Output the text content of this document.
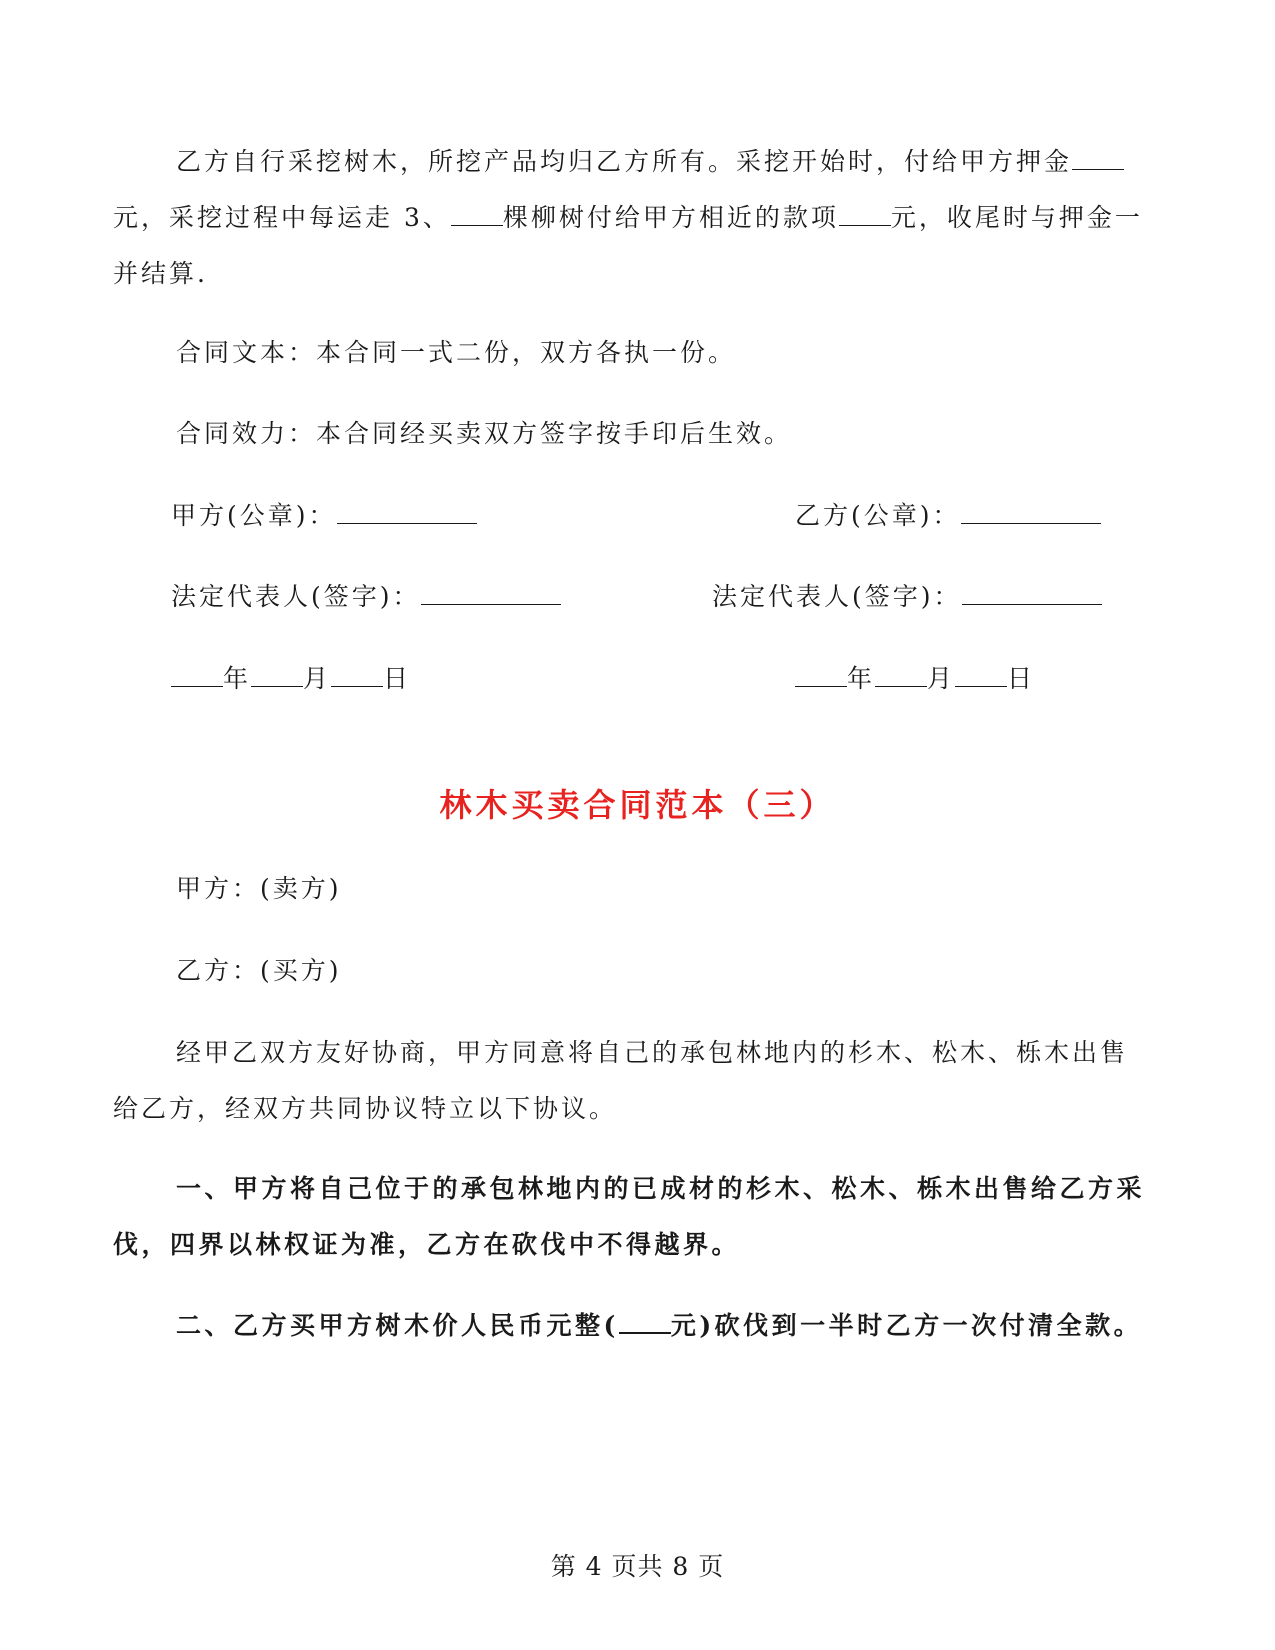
乙方自行采挖树木，所挖产品均归乙方所有。采挖开始时，付给甲方押金元，采挖过程中每运走 3、 棵柳树付给甲方相近的款项 元，收尾时与押金一并结算.

合同文本：本合同一式二份，双方各执一份。

合同效力：本合同经买卖双方签字按手印后生效。

甲方(公章)：	乙方(公章)：
法定代表人(签字)：	法定代表人(签字)：
年 月 日	年 月 日
林木买卖合同范本（三）

甲方：(卖方)

乙方：(买方)

经甲乙双方友好协商，甲方同意将自己的承包林地内的杉木、松木、栎木出售给乙方，经双方共同协议特立以下协议。

一、甲方将自己位于的承包林地内的已成材的杉木、松木、栎木出售给乙方采伐，四界以林权证为准，乙方在砍伐中不得越界。

二、乙方买甲方树木价人民币元整( 元)砍伐到一半时乙方一次付清全款。

第 4 页共 8 页
